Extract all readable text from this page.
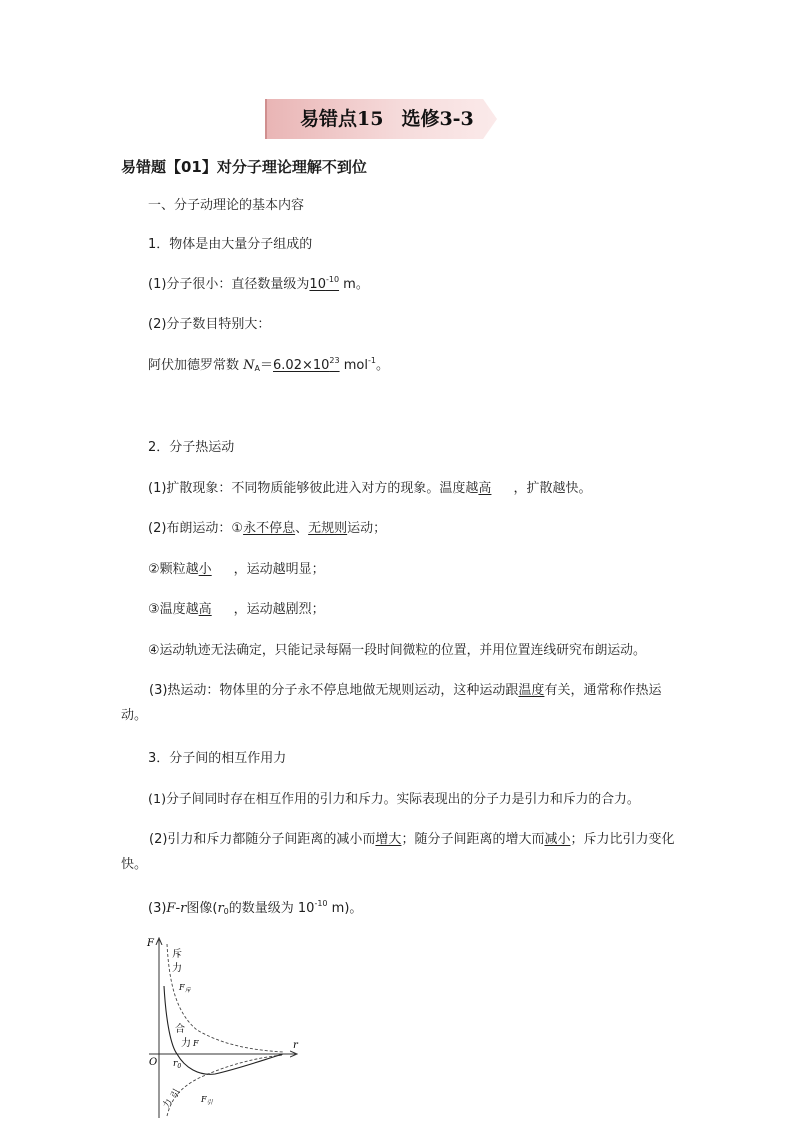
易错点15 选修3-3
易错题【01】对分子理论理解不到位
一、分子动理论的基本内容
1．物体是由大量分子组成的
(1)分子很小：直径数量级为$10^{-10}$ m。
(2)分子数目特别大：
阿伏加德罗常数 $N_A=6.02\times 10^{23}$ mol$^{-1}$。
2．分子热运动
(1)扩散现象：不同物质能够彼此进入对方的现象。温度越高 ，扩散越快。
(2)布朗运动：①永不停息、无规则运动；
②颗粒越小 ，运动越明显；
③温度越高 ，运动越剧烈；
④运动轨迹无法确定，只能记录每隔一段时间微粒的位置，并用位置连线研究布朗运动。
(3)热运动：物体里的分子永不停息地做无规则运动，这种运动跟温度有关，通常称作热运动。
3．分子间的相互作用力
(1)分子间同时存在相互作用的引力和斥力。实际表现出的分子力是引力和斥力的合力。
(2)引力和斥力都随分子间距离的减小而增大；随分子间距离的增大而减小；斥力比引力变化快。
(3)F-r图像($r_0$的数量级为 $10^{-10}$ m)。
F
r
O $r_0$
斥
力
$F_斥$
合
力 F
引
力	$F_引$
